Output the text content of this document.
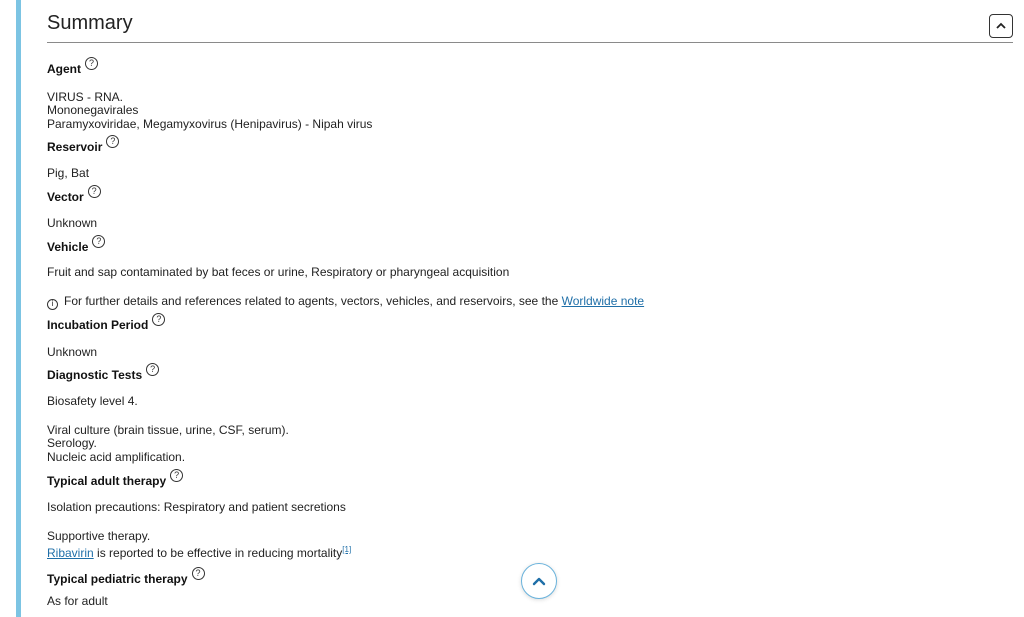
Summary
Agent ?

VIRUS - RNA.

Mononegavirales

Paramyxoviridae, Megamyxovirus (Henipavirus) - Nipah virus

Reservoir ?

Pig, Bat

Vector ?

Unknown

Vehicle ?

Fruit and sap contaminated by bat feces or urine, Respiratory or pharyngeal acquisition

i For further details and references related to agents, vectors, vehicles, and reservoirs, see the Worldwide note

Incubation Period ?

Unknown

Diagnostic Tests ?

Biosafety level 4.

Viral culture (brain tissue, urine, CSF, serum).

Serology.

Nucleic acid amplification.

Typical adult therapy ?

Isolation precautions: Respiratory and patient secretions

Supportive therapy.

Ribavirin is reported to be effective in reducing mortality[1]

Typical pediatric therapy ?

As for adult
